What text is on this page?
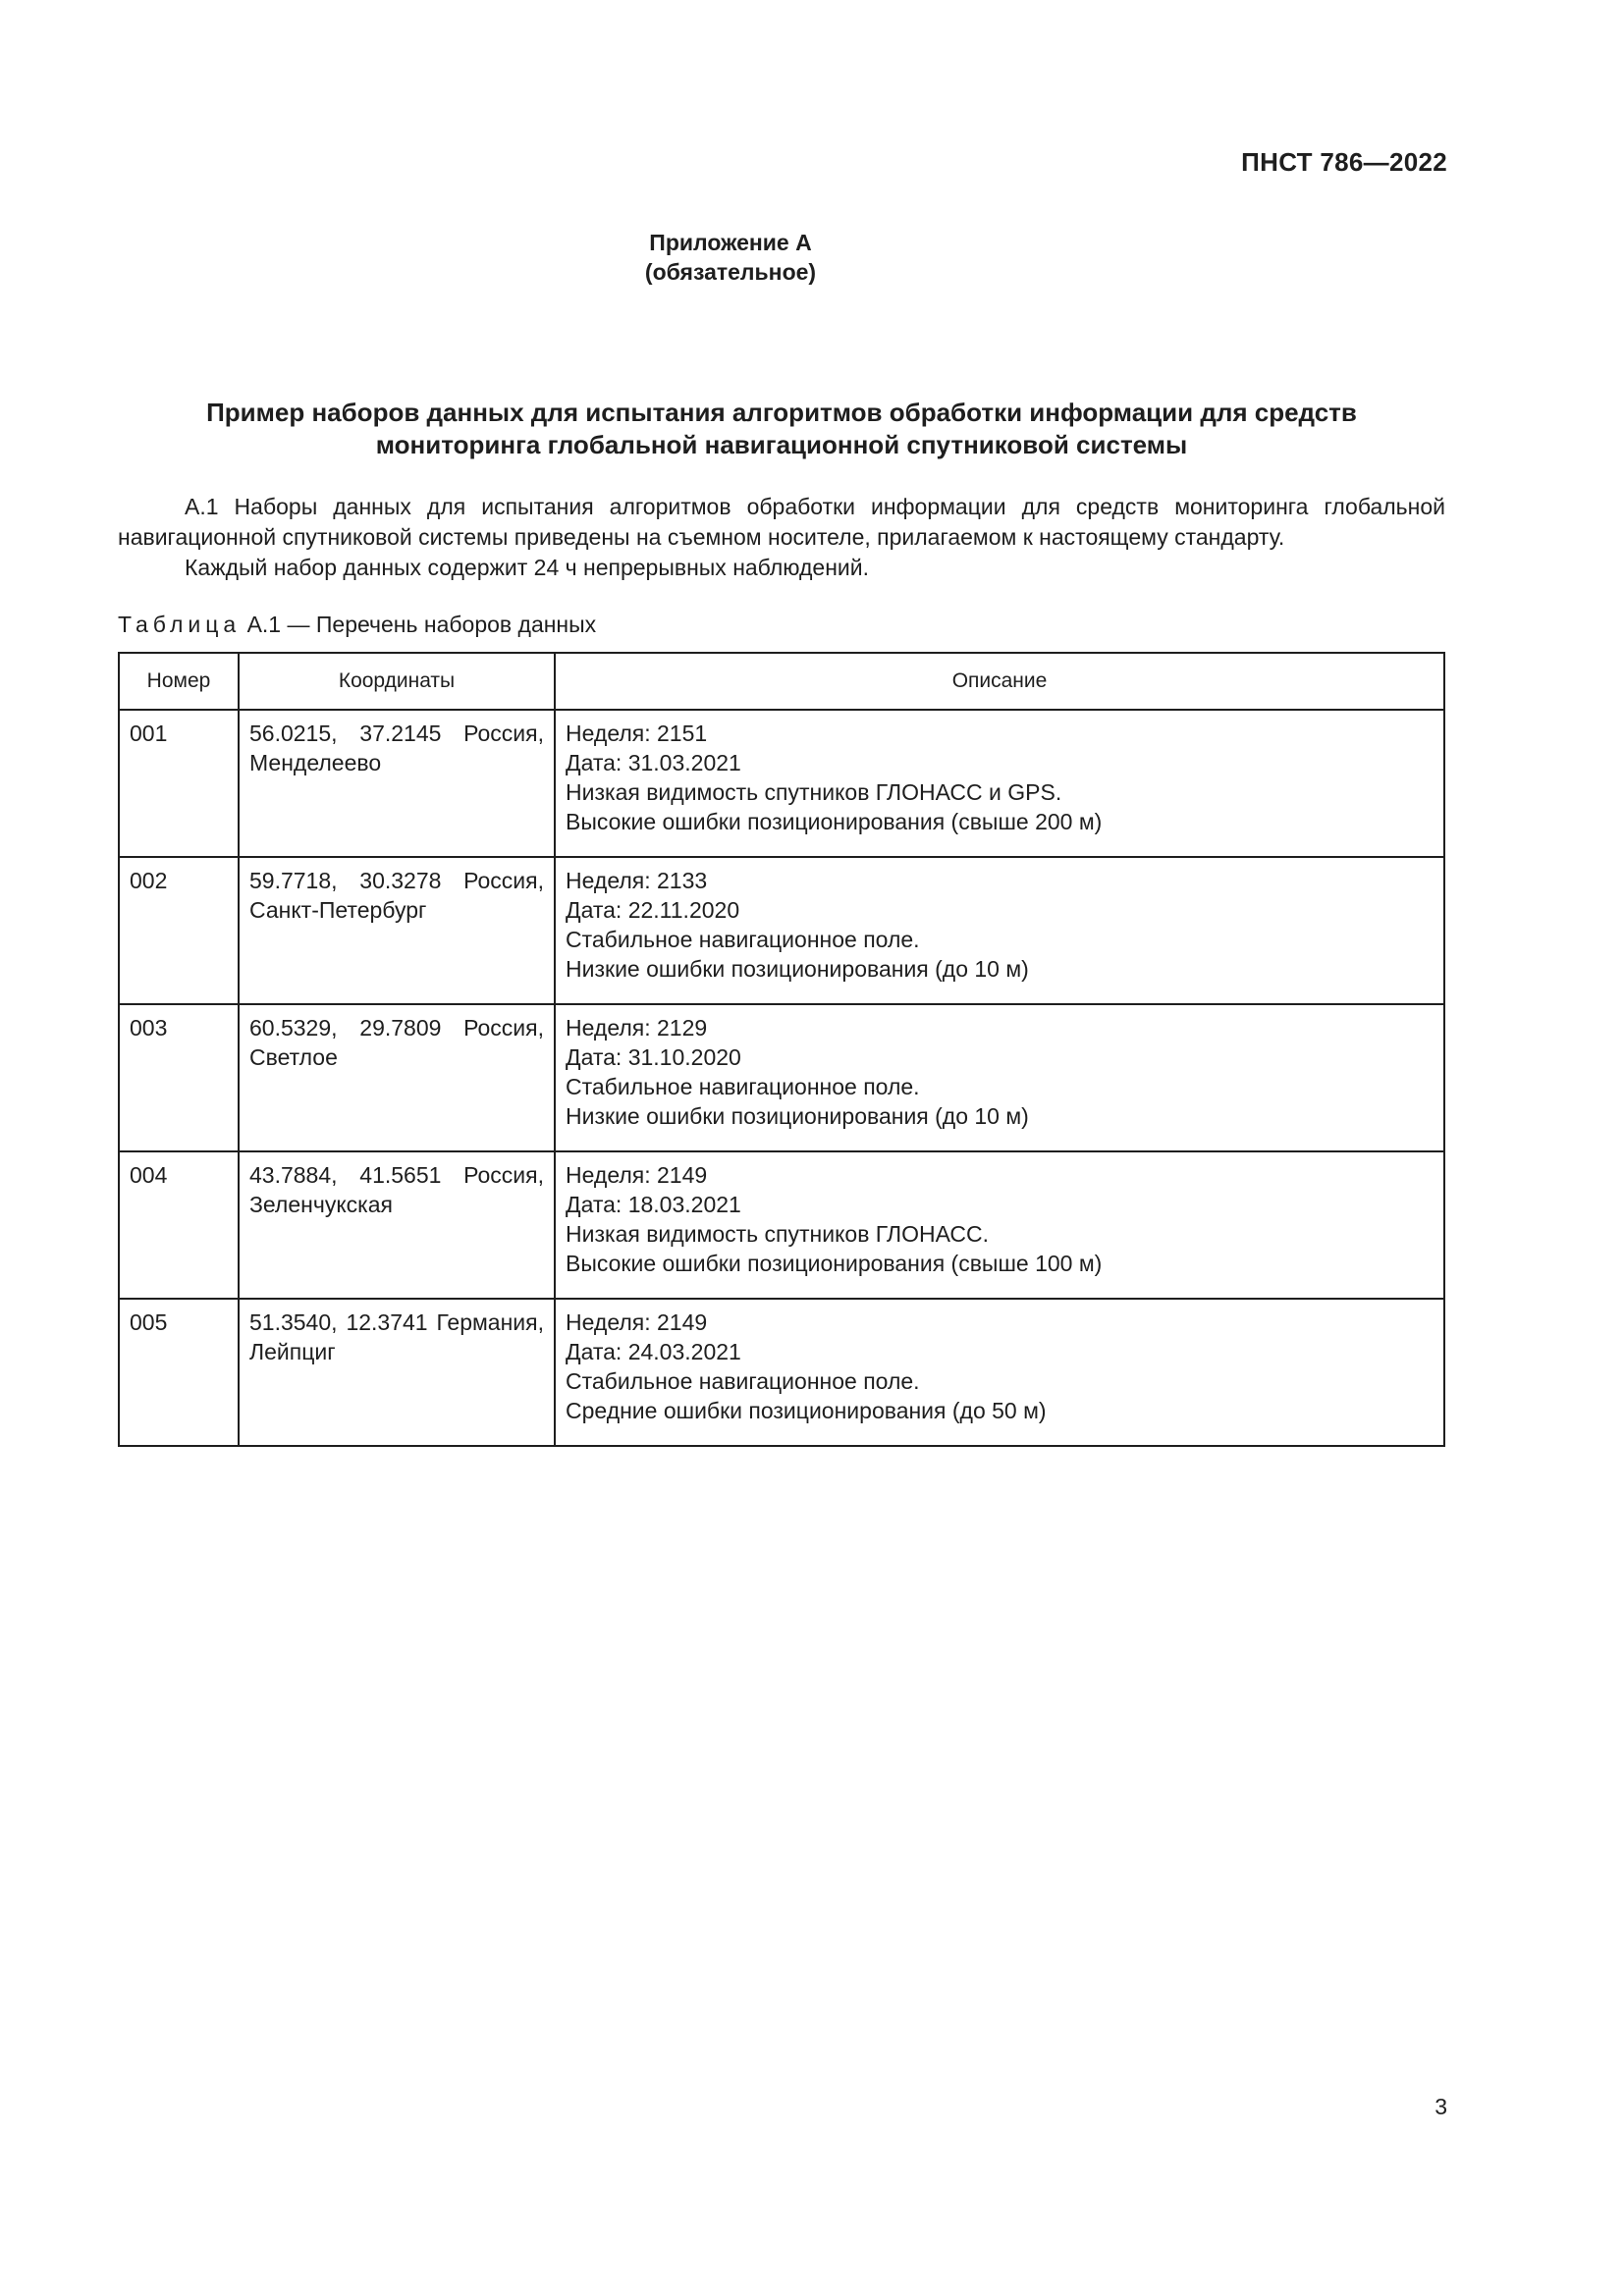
ПНСТ 786—2022
Приложение А
(обязательное)
Пример наборов данных для испытания алгоритмов обработки информации для средств
мониторинга глобальной навигационной спутниковой системы
А.1 Наборы данных для испытания алгоритмов обработки информации для средств мониторинга глобальной навигационной спутниковой системы приведены на съемном носителе, прилагаемом к настоящему стандарту.
Каждый набор данных содержит 24 ч непрерывных наблюдений.
Таблица А.1 — Перечень наборов данных
Номер	Координаты	Описание
001	56.0215, 37.2145 Россия, Менделеево	Неделя: 2151
Дата: 31.03.2021
Низкая видимость спутников ГЛОНАСС и GPS.
Высокие ошибки позиционирования (свыше 200 м)

002	59.7718, 30.3278 Россия, Санкт-Петербург	Неделя: 2133
Дата: 22.11.2020
Стабильное навигационное поле.
Низкие ошибки позиционирования (до 10 м)

003	60.5329, 29.7809 Россия, Светлое	Неделя: 2129
Дата: 31.10.2020
Стабильное навигационное поле.
Низкие ошибки позиционирования (до 10 м)

004	43.7884, 41.5651 Россия, Зеленчукская	Неделя: 2149
Дата: 18.03.2021
Низкая видимость спутников ГЛОНАСС.
Высокие ошибки позиционирования (свыше 100 м)

005	51.3540, 12.3741 Германия, Лейпциг	Неделя: 2149
Дата: 24.03.2021
Стабильное навигационное поле.
Средние ошибки позиционирования (до 50 м)
3
